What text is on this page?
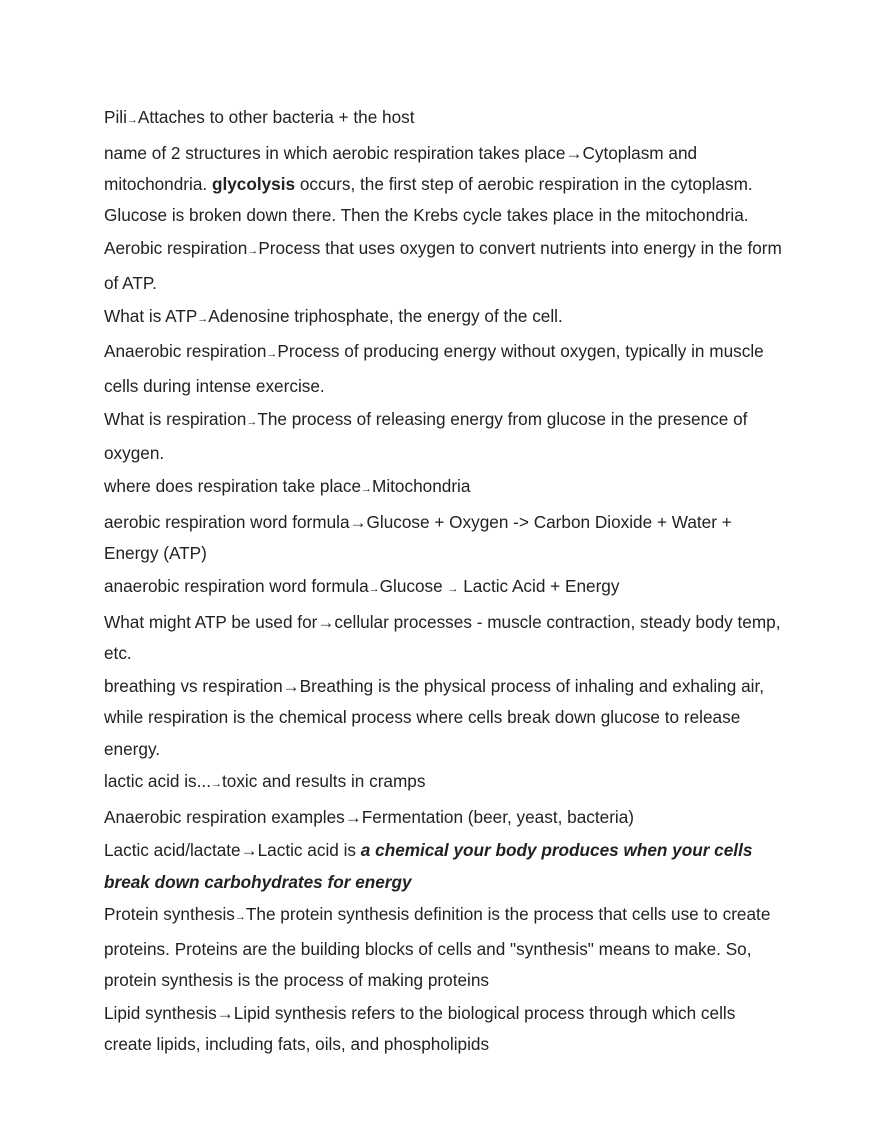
Pili→Attaches to other bacteria + the host

name of 2 structures in which aerobic respiration takes place→Cytoplasm and mitochondria. glycolysis occurs, the first step of aerobic respiration in the cytoplasm. Glucose is broken down there. Then the Krebs cycle takes place in the mitochondria.

Aerobic respiration→Process that uses oxygen to convert nutrients into energy in the form of ATP.

What is ATP→Adenosine triphosphate, the energy of the cell.

Anaerobic respiration→Process of producing energy without oxygen, typically in muscle cells during intense exercise.

What is respiration→The process of releasing energy from glucose in the presence of oxygen.

where does respiration take place→Mitochondria

aerobic respiration word formula→Glucose + Oxygen -> Carbon Dioxide + Water + Energy (ATP)

anaerobic respiration word formula→Glucose → Lactic Acid + Energy

What might ATP be used for→cellular processes - muscle contraction, steady body temp, etc.

breathing vs respiration→Breathing is the physical process of inhaling and exhaling air, while respiration is the chemical process where cells break down glucose to release energy.

lactic acid is...→toxic and results in cramps

Anaerobic respiration examples→Fermentation (beer, yeast, bacteria)

Lactic acid/lactate→Lactic acid is a chemical your body produces when your cells break down carbohydrates for energy

Protein synthesis→The protein synthesis definition is the process that cells use to create proteins. Proteins are the building blocks of cells and "synthesis" means to make. So, protein synthesis is the process of making proteins

Lipid synthesis→Lipid synthesis refers to the biological process through which cells create lipids, including fats, oils, and phospholipids
